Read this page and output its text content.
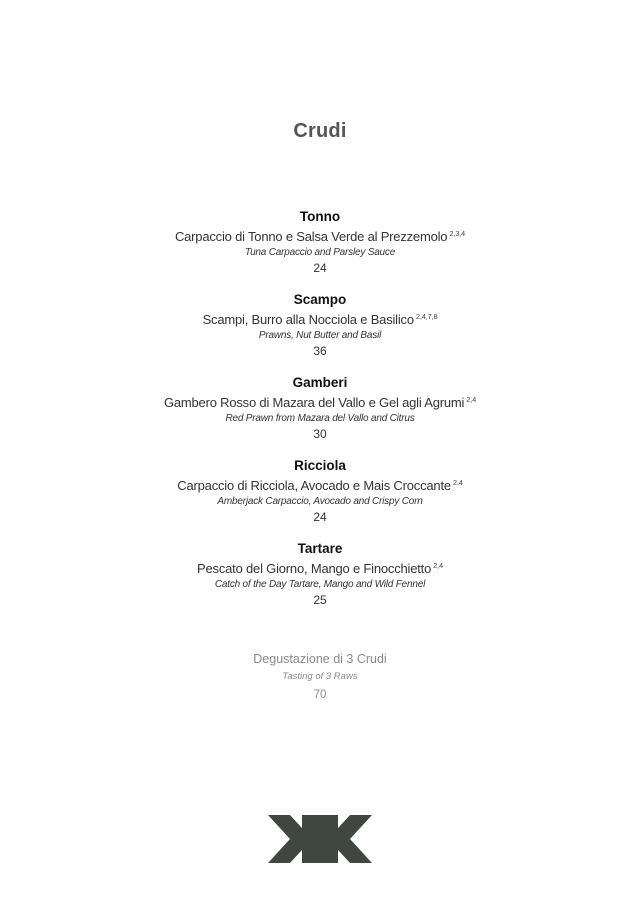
Crudi
Tonno
Carpaccio di Tonno e Salsa Verde al Prezzemolo $^{2,3,4}$
Tuna Carpaccio and Parsley Sauce
24
Scampo
Scampi, Burro alla Nocciola e Basilico $^{2,4,7,8}$
Prawns, Nut Butter and Basil
36
Gamberi
Gambero Rosso di Mazara del Vallo e Gel agli Agrumi $^{2,4}$
Red Prawn from Mazara del Vallo and Citrus
30
Ricciola
Carpaccio di Ricciola, Avocado e Mais Croccante $^{2,4}$
Amberjack Carpaccio, Avocado and Crispy Corn
24
Tartare
Pescato del Giorno, Mango e Finocchietto $^{2,4}$
Catch of the Day Tartare, Mango and Wild Fennel
25
Degustazione di 3 Crudi
Tasting of 3 Raws
70
